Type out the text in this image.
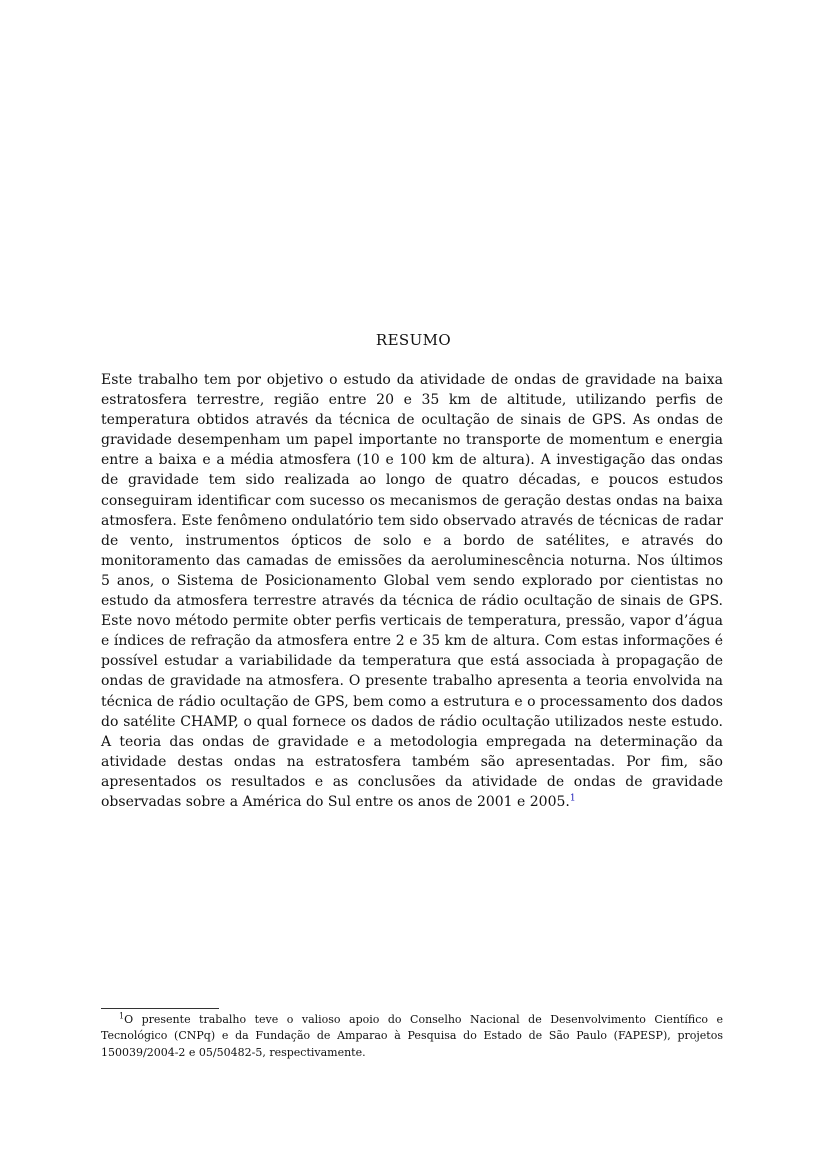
RESUMO

Este trabalho tem por objetivo o estudo da atividade de ondas de gravidade na baixa estratosfera terrestre, região entre 20 e 35 km de altitude, utilizando perfis de temperatura obtidos através da técnica de ocultação de sinais de GPS. As ondas de gravidade desempenham um papel importante no transporte de momentum e energia entre a baixa e a média atmosfera (10 e 100 km de altura). A investigação das ondas de gravidade tem sido realizada ao longo de quatro décadas, e poucos estudos conseguiram identificar com sucesso os mecanismos de geração destas ondas na baixa atmosfera. Este fenômeno ondulatório tem sido observado através de técnicas de radar de vento, instrumentos ópticos de solo e a bordo de satélites, e através do monitoramento das camadas de emissões da aeroluminescência noturna. Nos últimos 5 anos, o Sistema de Posicionamento Global vem sendo explorado por cientistas no estudo da atmosfera terrestre através da técnica de rádio ocultação de sinais de GPS. Este novo método permite obter perfis verticais de temperatura, pressão, vapor d’água e índices de refração da atmosfera entre 2 e 35 km de altura. Com estas informações é possível estudar a variabilidade da temperatura que está associada à propagação de ondas de gravidade na atmosfera. O presente trabalho apresenta a teoria envolvida na técnica de rádio ocultação de GPS, bem como a estrutura e o processamento dos dados do satélite CHAMP, o qual fornece os dados de rádio ocultação utilizados neste estudo. A teoria das ondas de gravidade e a metodologia empregada na determinação da atividade destas ondas na estratosfera também são apresentadas. Por fim, são apresentados os resultados e as conclusões da atividade de ondas de gravidade observadas sobre a América do Sul entre os anos de 2001 e 2005.$^1$

$^1$O presente trabalho teve o valioso apoio do Conselho Nacional de Desenvolvimento Científico e Tecnológico (CNPq) e da Fundação de Amparao à Pesquisa do Estado de São Paulo (FAPESP), projetos 150039/2004-2 e 05/50482-5, respectivamente.
